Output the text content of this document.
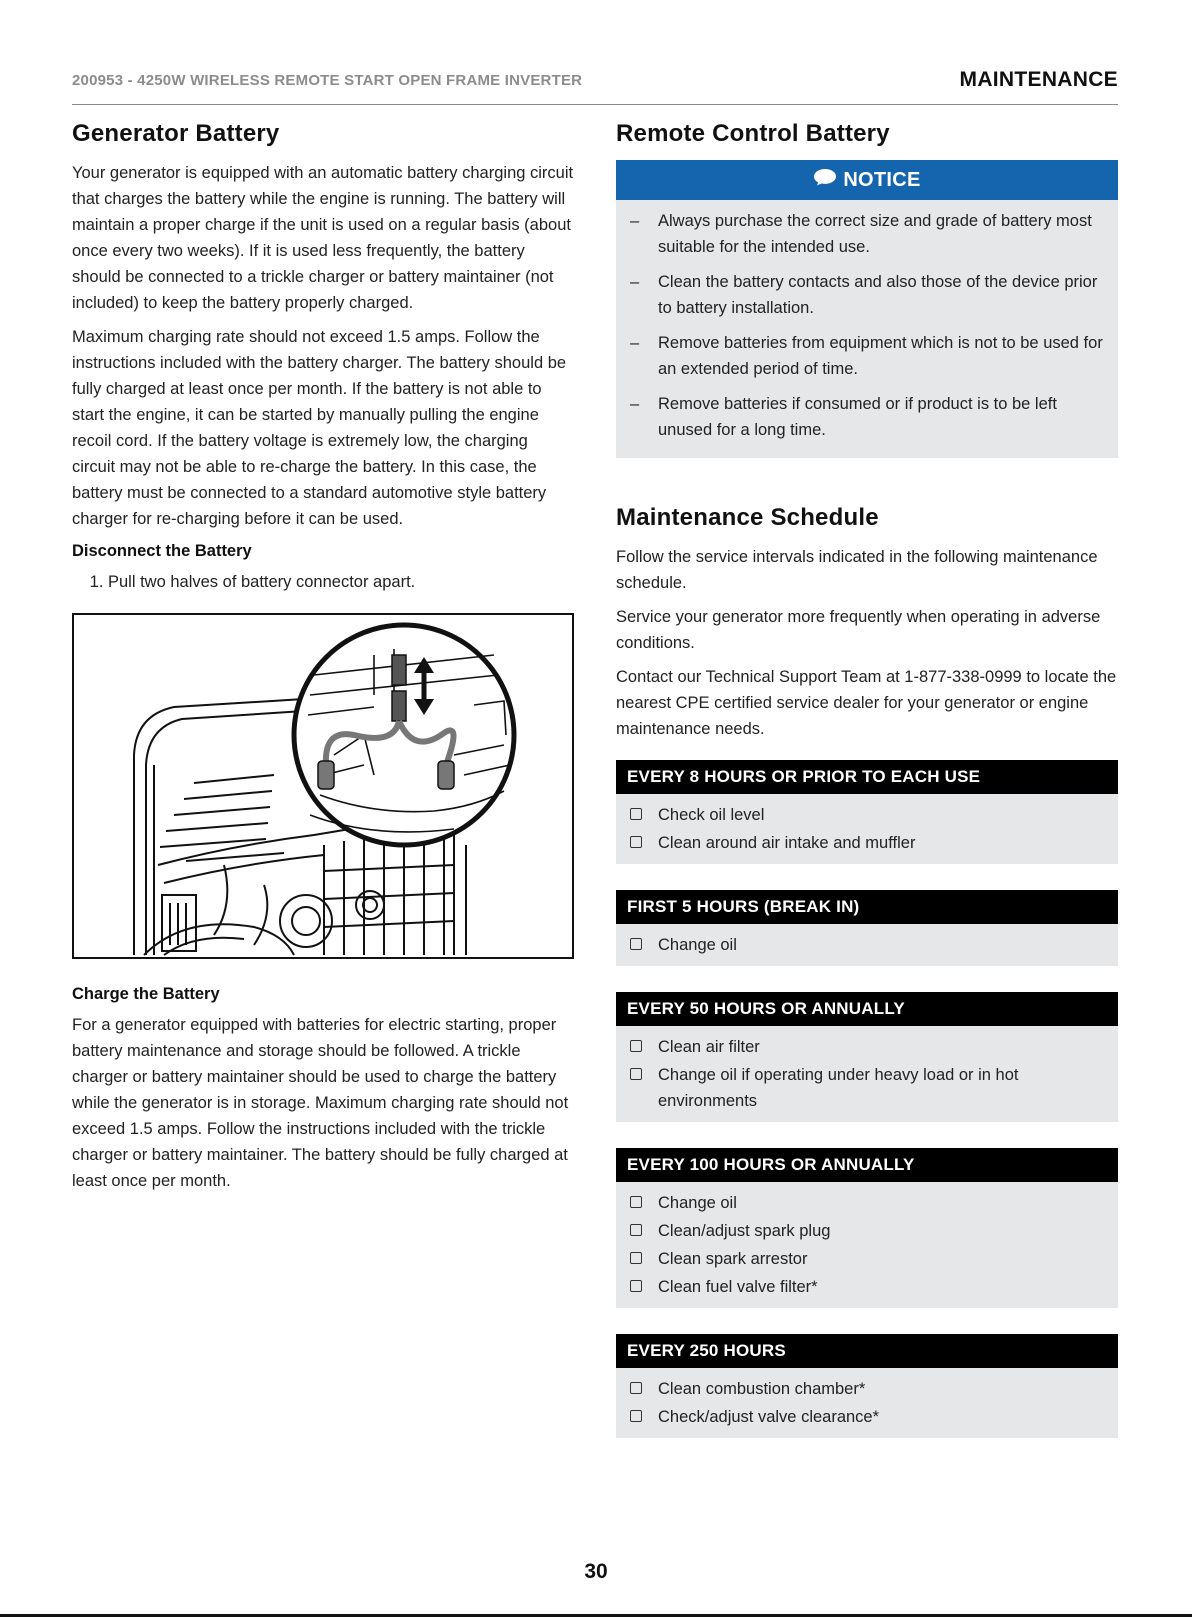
200953 - 4250W WIRELESS REMOTE START OPEN FRAME INVERTER	MAINTENANCE
Generator Battery

Your generator is equipped with an automatic battery charging circuit that charges the battery while the engine is running. The battery will maintain a proper charge if the unit is used on a regular basis (about once every two weeks). If it is used less frequently, the battery should be connected to a trickle charger or battery maintainer (not included) to keep the battery properly charged.

Maximum charging rate should not exceed 1.5 amps. Follow the instructions included with the battery charger. The battery should be fully charged at least once per month. If the battery is not able to start the engine, it can be started by manually pulling the engine recoil cord. If the battery voltage is extremely low, the charging circuit may not be able to re-charge the battery. In this case, the battery must be connected to a standard automotive style battery charger for re-charging before it can be used.

Disconnect the Battery
1. Pull two halves of battery connector apart.
Charge the Battery

For a generator equipped with batteries for electric starting, proper battery maintenance and storage should be followed. A trickle charger or battery maintainer should be used to charge the battery while the generator is in storage. Maximum charging rate should not exceed 1.5 amps. Follow the instructions included with the trickle charger or battery maintainer. The battery should be fully charged at least once per month.

Remote Control Battery
NOTICE
– Always purchase the correct size and grade of battery most suitable for the intended use.
– Clean the battery contacts and also those of the device prior to battery installation.
– Remove batteries from equipment which is not to be used for an extended period of time.
– Remove batteries if consumed or if product is to be left unused for a long time.
Maintenance Schedule

Follow the service intervals indicated in the following maintenance schedule.

Service your generator more frequently when operating in adverse conditions.

Contact our Technical Support Team at 1-877-338-0999 to locate the nearest CPE certified service dealer for your generator or engine maintenance needs.

EVERY 8 HOURS OR PRIOR TO EACH USE
Check oil level
Clean around air intake and muffler
FIRST 5 HOURS (BREAK IN)
Change oil
EVERY 50 HOURS OR ANNUALLY
Clean air filter
Change oil if operating under heavy load or in hot environments
EVERY 100 HOURS OR ANNUALLY
Change oil
Clean/adjust spark plug
Clean spark arrestor
Clean fuel valve filter*
EVERY 250 HOURS
Clean combustion chamber*
Check/adjust valve clearance*
30
